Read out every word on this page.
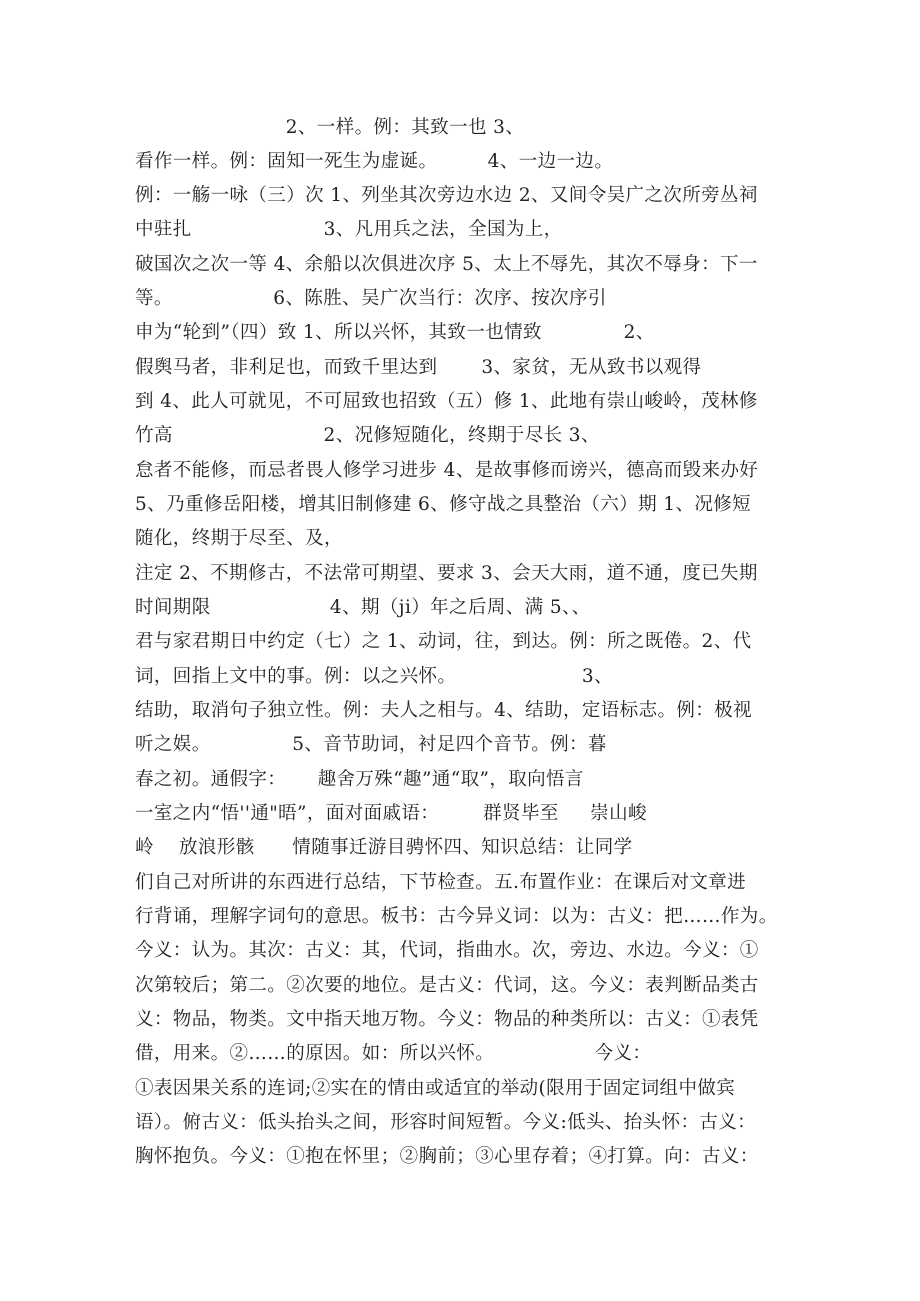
2、一样。例：其致一也 3、
看作一样。例：固知一死生为虚诞。        4、一边一边。
例：一觞一咏（三）次 1、列坐其次旁边水边 2、又间令吴广之次所旁丛祠
中驻扎                     3、凡用兵之法，全国为上，
破国次之次一等 4、余船以次俱进次序 5、太上不辱先，其次不辱身：下一
等。                6、陈胜、吴广次当行：次序、按次序引
申为“轮到”（四）致 1、所以兴怀，其致一也情致             2、
假舆马者，非利足也，而致千里达到       3、家贫，无从致书以观得
到 4、此人可就见，不可屈致也招致（五）修 1、此地有崇山峻岭，茂林修
竹高                        2、况修短随化，终期于尽长 3、
怠者不能修，而忌者畏人修学习进步 4、是故事修而谤兴，德高而毁来办好
5、乃重修岳阳楼，增其旧制修建 6、修守战之具整治（六）期 1、况修短
随化，终期于尽至、及，
注定 2、不期修古，不法常可期望、要求 3、会天大雨，道不通，度已失期
时间期限                   4、期（ji）年之后周、满 5、、
君与家君期日中约定（七）之 1、动词，往，到达。例：所之既倦。2、代
词，回指上文中的事。例：以之兴怀。                    3、
结助，取消句子独立性。例：夫人之相与。4、结助，定语标志。例：极视
听之娱。             5、音节助词，衬足四个音节。例：暮
春之初。通假字：     趣舍万殊“趣”通“取”，取向悟言
一室之内“悟''通"晤”，面对面戚语：       群贤毕至     崇山峻
岭    放浪形骸      情随事迁游目骋怀四、知识总结：让同学
们自己对所讲的东西进行总结，下节检查。五.布置作业：在课后对文章进
行背诵，理解字词句的意思。板书：古今异义词：以为：古义：把……作为。
今义：认为。其次：古义：其，代词，指曲水。次，旁边、水边。今义：①
次第较后；第二。②次要的地位。是古义：代词，这。今义：表判断品类古
义：物品，物类。文中指天地万物。今义：物品的种类所以：古义：①表凭
借，用来。②……的原因。如：所以兴怀。                今义：
①表因果关系的连词;②实在的情由或适宜的举动(限用于固定词组中做宾
语）。俯古义：低头抬头之间，形容时间短暂。今义:低头、抬头怀：古义：
胸怀抱负。今义：①抱在怀里；②胸前；③心里存着；④打算。向：古义：
